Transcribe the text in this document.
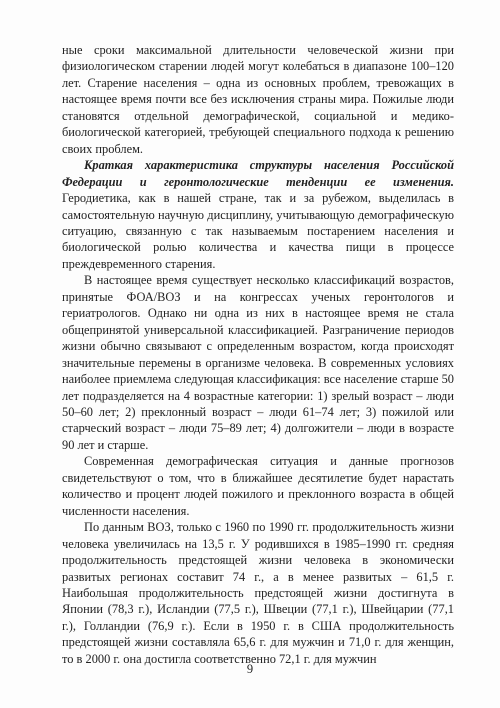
ные сроки максимальной длительности человеческой жизни при физиологическом старении людей могут колебаться в диапазоне 100–120 лет. Старение населения – одна из основных проблем, тревожащих в настоящее время почти все без исключения страны мира. Пожилые люди становятся отдельной демографической, социальной и медико-биологической категорией, требующей специального подхода к решению своих проблем.

Краткая характеристика структуры населения Российской Федерации и геронтологические тенденции ее изменения. Геродиетика, как в нашей стране, так и за рубежом, выделилась в самостоятельную научную дисциплину, учитывающую демографическую ситуацию, связанную с так называемым постарением населения и биологической ролью количества и качества пищи в процессе преждевременного старения.

В настоящее время существует несколько классификаций возрастов, принятые ФОА/ВОЗ и на конгрессах ученых геронтологов и гериатрологов. Однако ни одна из них в настоящее время не стала общепринятой универсальной классификацией. Разграничение периодов жизни обычно связывают с определенным возрастом, когда происходят значительные перемены в организме человека. В современных условиях наиболее приемлема следующая классификация: все население старше 50 лет подразделяется на 4 возрастные категории: 1) зрелый возраст – люди 50–60 лет; 2) преклонный возраст – люди 61–74 лет; 3) пожилой или старческий возраст – люди 75–89 лет; 4) долгожители – люди в возрасте 90 лет и старше.

Современная демографическая ситуация и данные прогнозов свидетельствуют о том, что в ближайшее десятилетие будет нарастать количество и процент людей пожилого и преклонного возраста в общей численности населения.

По данным ВОЗ, только с 1960 по 1990 гг. продолжительность жизни человека увеличилась на 13,5 г. У родившихся в 1985–1990 гг. средняя продолжительность предстоящей жизни человека в экономически развитых регионах составит 74 г., а в менее развитых – 61,5 г. Наибольшая продолжительность предстоящей жизни достигнута в Японии (78,3 г.), Исландии (77,5 г.), Швеции (77,1 г.), Швейцарии (77,1 г.), Голландии (76,9 г.). Если в 1950 г. в США продолжительность предстоящей жизни составляла 65,6 г. для мужчин и 71,0 г. для женщин, то в 2000 г. она достигла соответственно 72,1 г. для мужчин

9
